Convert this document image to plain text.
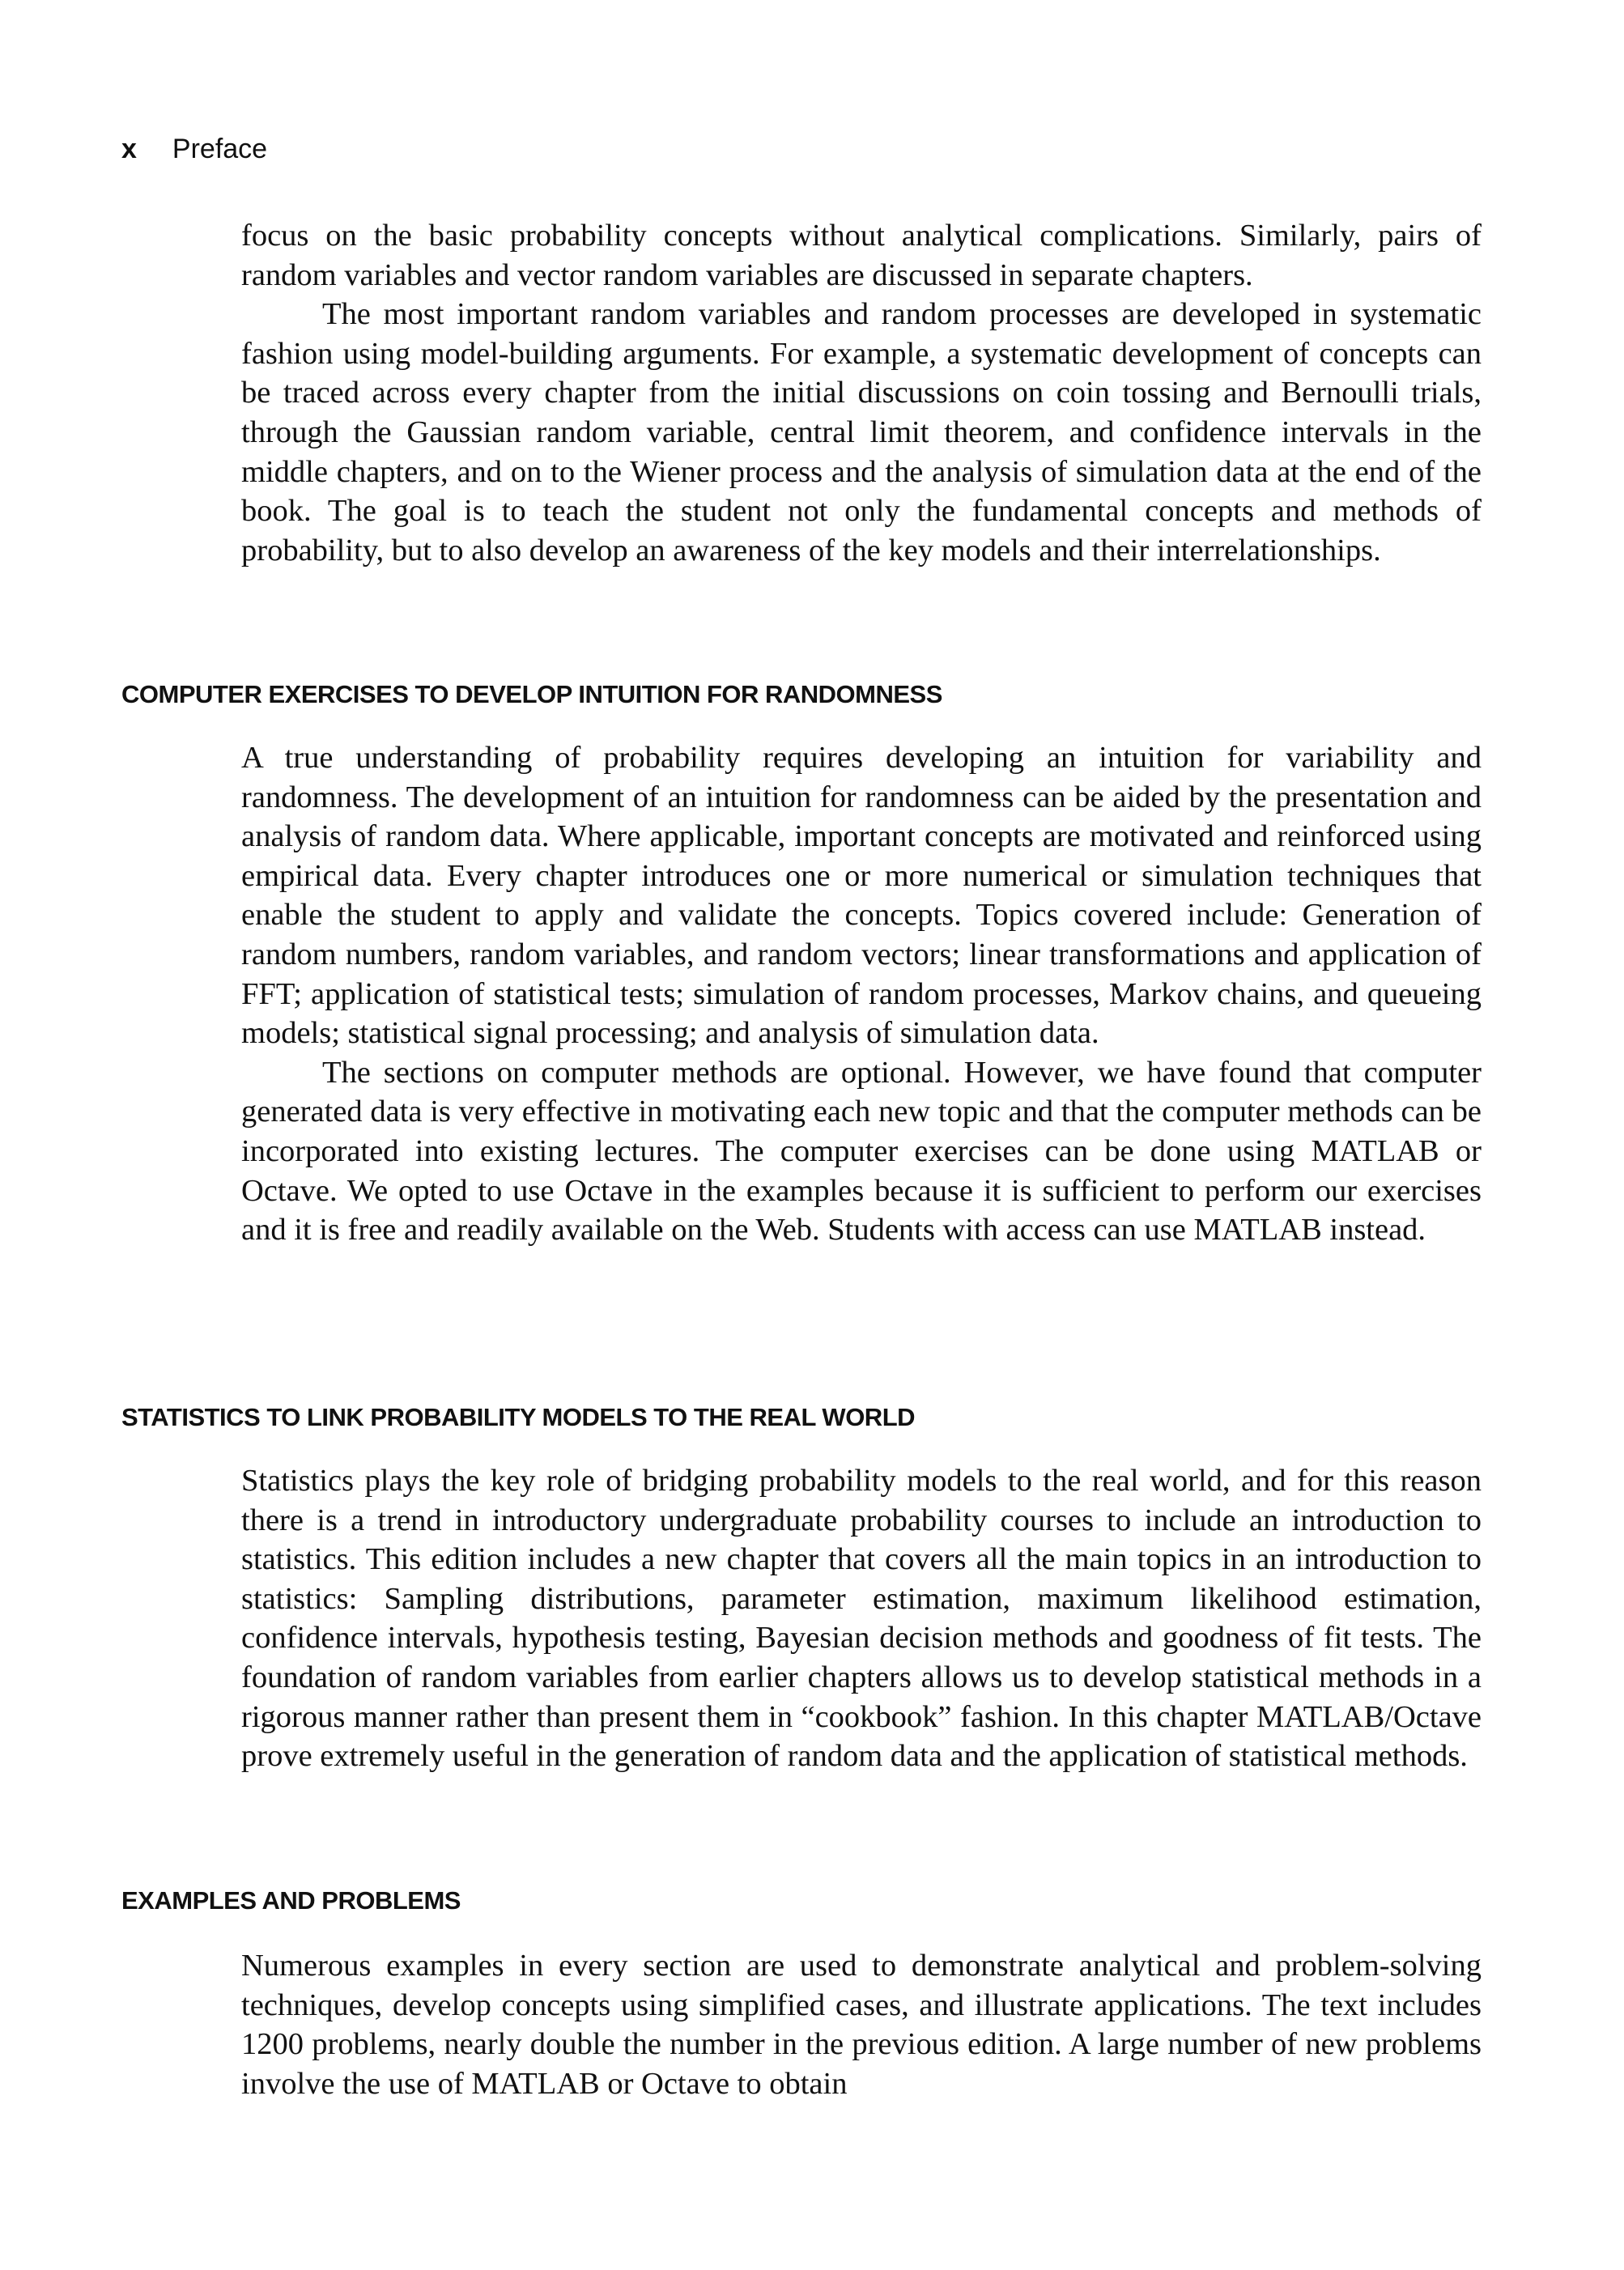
x Preface

focus on the basic probability concepts without analytical complications. Similarly, pairs of random variables and vector random variables are discussed in separate chapters.

The most important random variables and random processes are developed in systematic fashion using model-building arguments. For example, a systematic development of concepts can be traced across every chapter from the initial discussions on coin tossing and Bernoulli trials, through the Gaussian random variable, central limit theorem, and confidence intervals in the middle chapters, and on to the Wiener process and the analysis of simulation data at the end of the book. The goal is to teach the student not only the fundamental concepts and methods of probability, but to also develop an awareness of the key models and their interrelationships.

COMPUTER EXERCISES TO DEVELOP INTUITION FOR RANDOMNESS

A true understanding of probability requires developing an intuition for variability and randomness. The development of an intuition for randomness can be aided by the presentation and analysis of random data. Where applicable, important concepts are motivated and reinforced using empirical data. Every chapter introduces one or more numerical or simulation techniques that enable the student to apply and validate the concepts. Topics covered include: Generation of random numbers, random variables, and random vectors; linear transformations and application of FFT; application of statistical tests; simulation of random processes, Markov chains, and queueing models; statistical signal processing; and analysis of simulation data.

The sections on computer methods are optional. However, we have found that computer generated data is very effective in motivating each new topic and that the computer methods can be incorporated into existing lectures. The computer exercises can be done using MATLAB or Octave. We opted to use Octave in the examples because it is sufficient to perform our exercises and it is free and readily available on the Web. Students with access can use MATLAB instead.

STATISTICS TO LINK PROBABILITY MODELS TO THE REAL WORLD

Statistics plays the key role of bridging probability models to the real world, and for this reason there is a trend in introductory undergraduate probability courses to include an introduction to statistics. This edition includes a new chapter that covers all the main topics in an introduction to statistics: Sampling distributions, parameter estimation, maximum likelihood estimation, confidence intervals, hypothesis testing, Bayesian decision methods and goodness of fit tests. The foundation of random variables from earlier chapters allows us to develop statistical methods in a rigorous manner rather than present them in “cookbook” fashion. In this chapter MATLAB/Octave prove extremely useful in the generation of random data and the application of statistical methods.

EXAMPLES AND PROBLEMS

Numerous examples in every section are used to demonstrate analytical and problem-solving techniques, develop concepts using simplified cases, and illustrate applications. The text includes 1200 problems, nearly double the number in the previous edition. A large number of new problems involve the use of MATLAB or Octave to obtain
